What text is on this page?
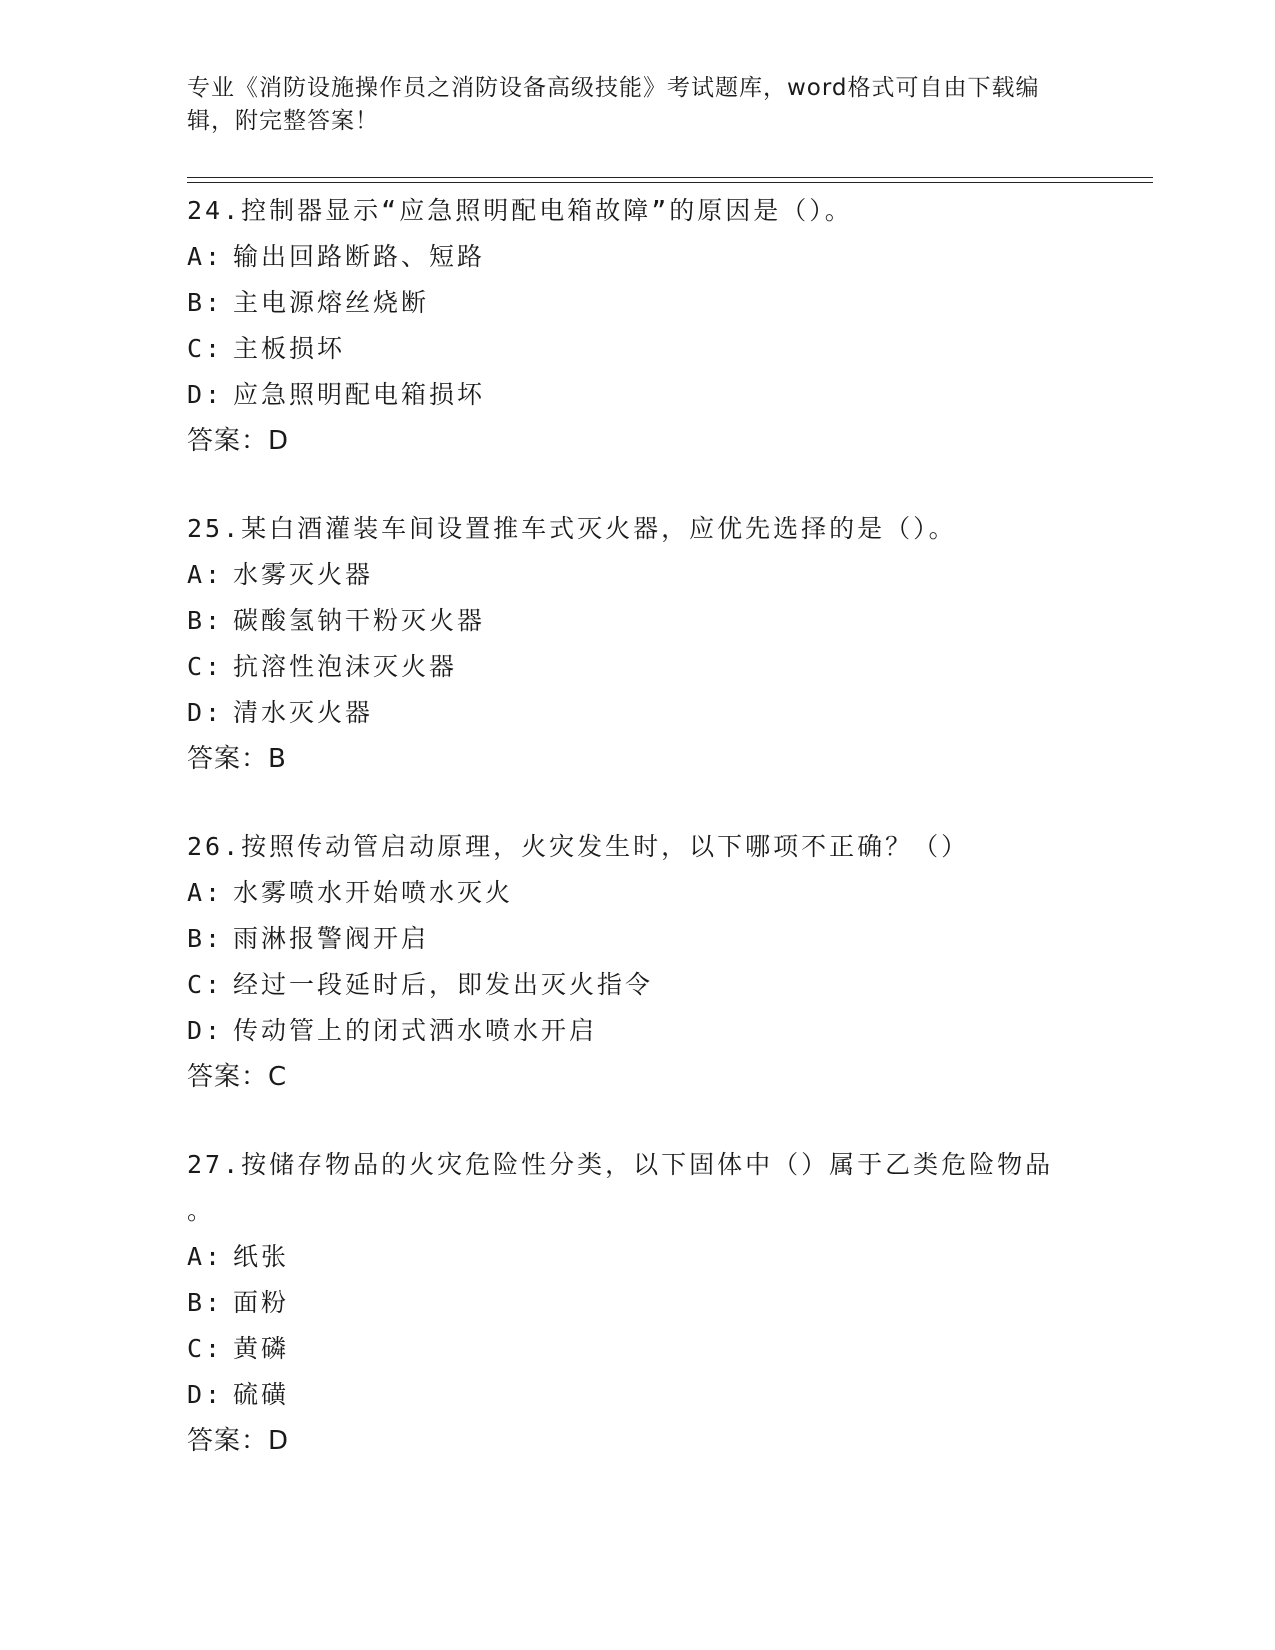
专业《消防设施操作员之消防设备高级技能》考试题库，word格式可自由下载编辑，附完整答案！
24.控制器显示“应急照明配电箱故障”的原因是（）。
A: 输出回路断路、短路
B: 主电源熔丝烧断
C: 主板损坏
D: 应急照明配电箱损坏
答案：D
25.某白酒灌装车间设置推车式灭火器，应优先选择的是（）。
A: 水雾灭火器
B: 碳酸氢钠干粉灭火器
C: 抗溶性泡沫灭火器
D: 清水灭火器
答案：B
26.按照传动管启动原理，火灾发生时，以下哪项不正确？（）
A: 水雾喷水开始喷水灭火
B: 雨淋报警阀开启
C: 经过一段延时后，即发出灭火指令
D: 传动管上的闭式洒水喷水开启
答案：C
27.按储存物品的火灾危险性分类，以下固体中（）属于乙类危险物品
。
A: 纸张
B: 面粉
C: 黄磷
D: 硫磺
答案：D
